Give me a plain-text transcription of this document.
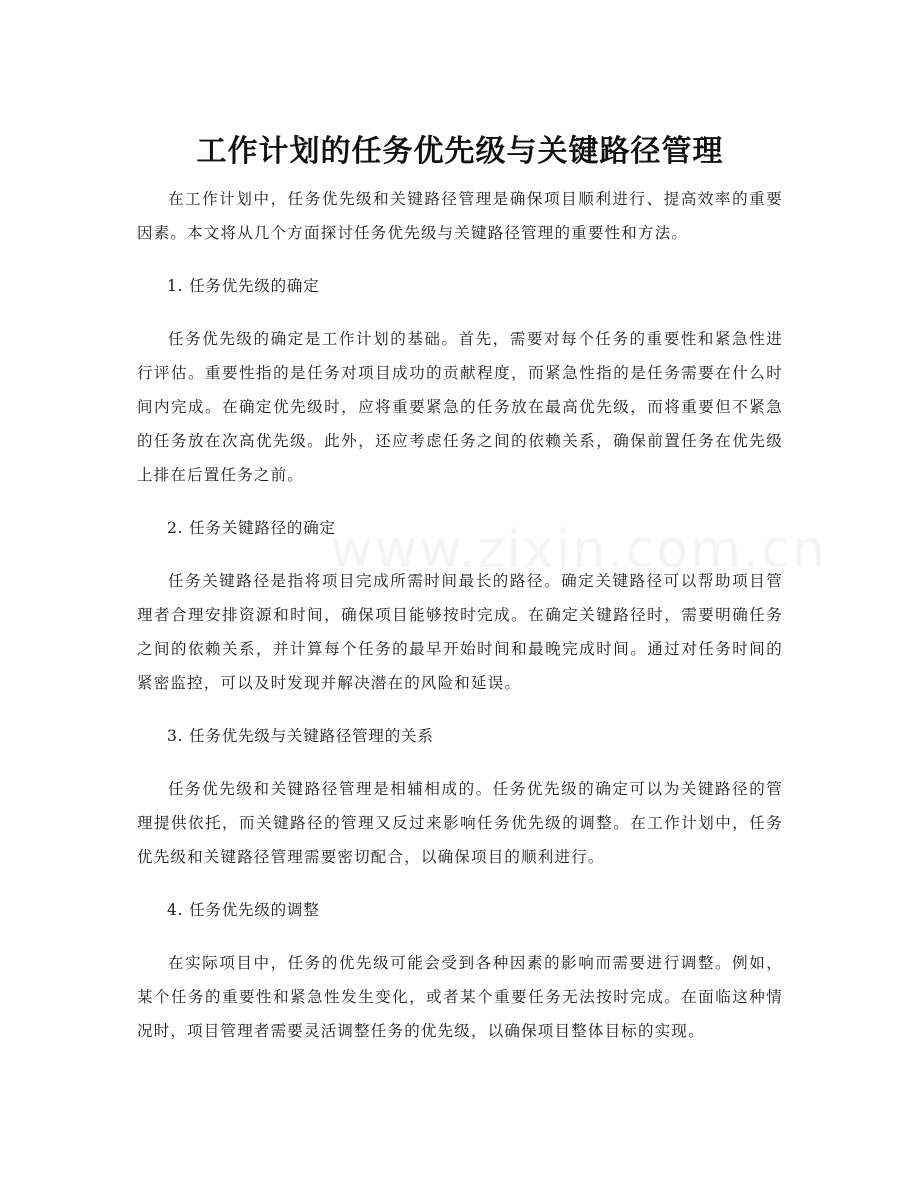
工作计划的任务优先级与关键路径管理

在工作计划中，任务优先级和关键路径管理是确保项目顺利进行、提高效率的重要因素。本文将从几个方面探讨任务优先级与关键路径管理的重要性和方法。

1. 任务优先级的确定

任务优先级的确定是工作计划的基础。首先，需要对每个任务的重要性和紧急性进行评估。重要性指的是任务对项目成功的贡献程度，而紧急性指的是任务需要在什么时间内完成。在确定优先级时，应将重要紧急的任务放在最高优先级，而将重要但不紧急的任务放在次高优先级。此外，还应考虑任务之间的依赖关系，确保前置任务在优先级上排在后置任务之前。

2. 任务关键路径的确定

任务关键路径是指将项目完成所需时间最长的路径。确定关键路径可以帮助项目管理者合理安排资源和时间，确保项目能够按时完成。在确定关键路径时，需要明确任务之间的依赖关系，并计算每个任务的最早开始时间和最晚完成时间。通过对任务时间的紧密监控，可以及时发现并解决潜在的风险和延误。

3. 任务优先级与关键路径管理的关系

任务优先级和关键路径管理是相辅相成的。任务优先级的确定可以为关键路径的管理提供依托，而关键路径的管理又反过来影响任务优先级的调整。在工作计划中，任务优先级和关键路径管理需要密切配合，以确保项目的顺利进行。

4. 任务优先级的调整

在实际项目中，任务的优先级可能会受到各种因素的影响而需要进行调整。例如，某个任务的重要性和紧急性发生变化，或者某个重要任务无法按时完成。在面临这种情况时，项目管理者需要灵活调整任务的优先级，以确保项目整体目标的实现。
